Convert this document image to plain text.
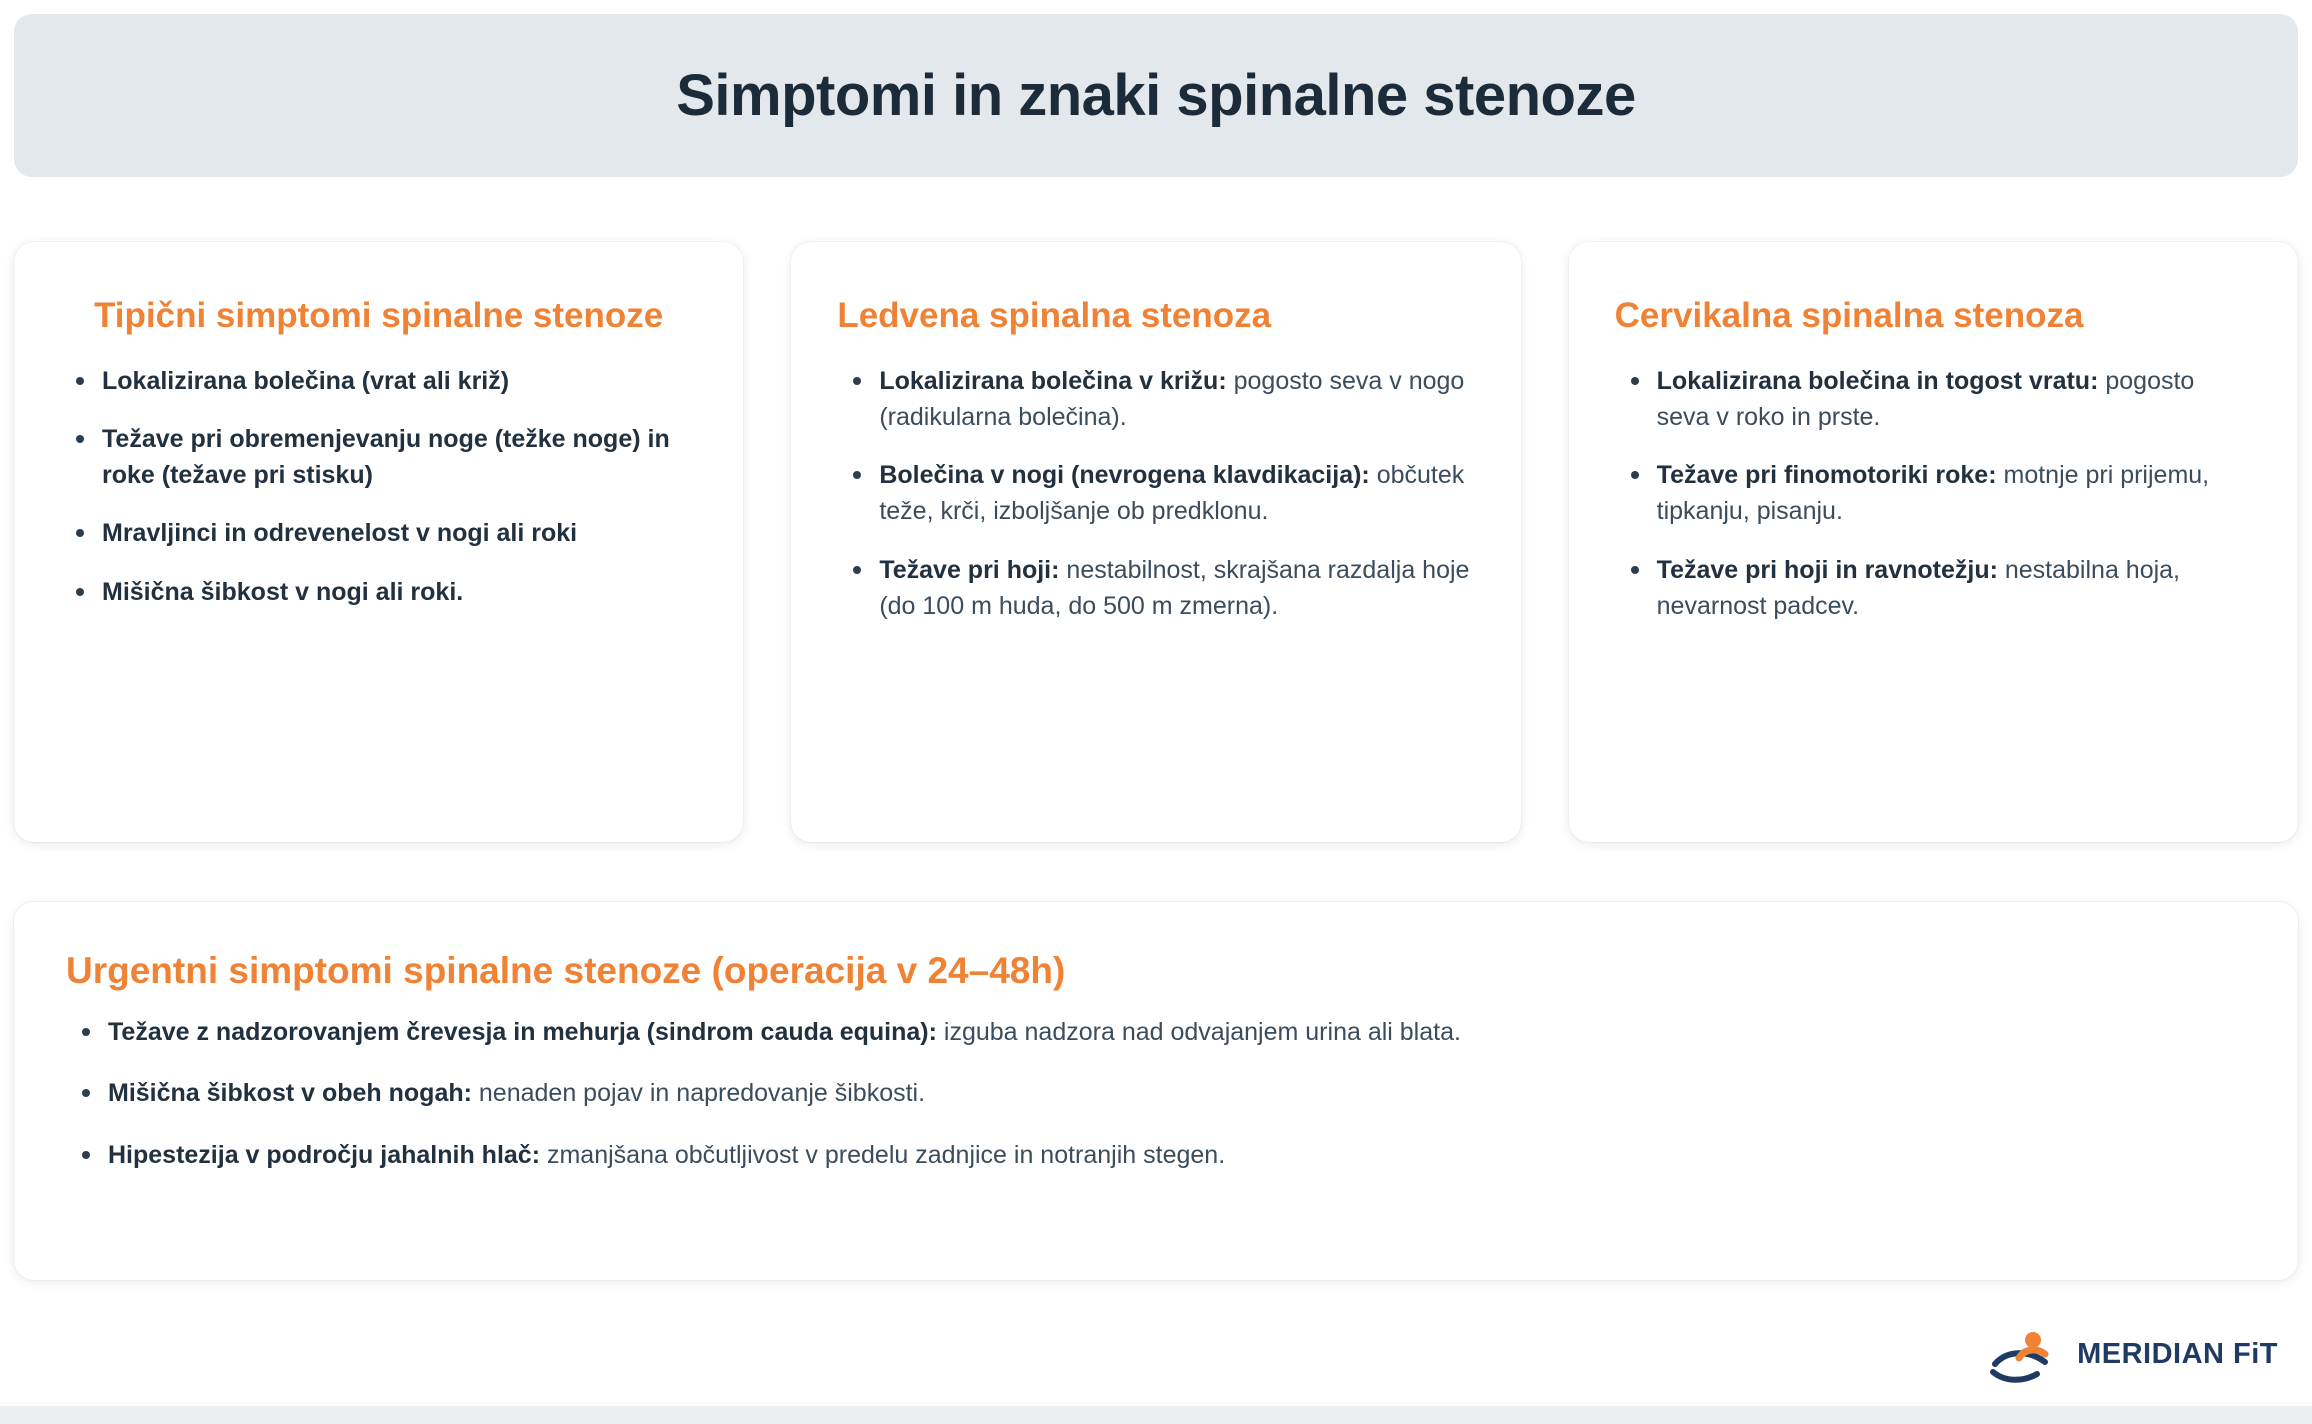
Simptomi in znaki spinalne stenoze
Tipični simptomi spinalne stenoze
Lokalizirana bolečina (vrat ali križ)
Težave pri obremenjevanju noge (težke noge) in roke (težave pri stisku)
Mravljinci in odrevenelost v nogi ali roki
Mišična šibkost v nogi ali roki.
Ledvena spinalna stenoza
Lokalizirana bolečina v križu: pogosto seva v nogo (radikularna bolečina).
Bolečina v nogi (nevrogena klavdikacija): občutek teže, krči, izboljšanje ob predklonu.
Težave pri hoji: nestabilnost, skrajšana razdalja hoje (do 100 m huda, do 500 m zmerna).
Cervikalna spinalna stenoza
Lokalizirana bolečina in togost vratu: pogosto seva v roko in prste.
Težave pri finomotoriki roke: motnje pri prijemu, tipkanju, pisanju.
Težave pri hoji in ravnotežju: nestabilna hoja, nevarnost padcev.
Urgentni simptomi spinalne stenoze (operacija v 24–48h)
Težave z nadzorovanjem črevesja in mehurja (sindrom cauda equina): izguba nadzora nad odvajanjem urina ali blata.
Mišična šibkost v obeh nogah: nenaden pojav in napredovanje šibkosti.
Hipestezija v področju jahalnih hlač: zmanjšana občutljivost v predelu zadnjice in notranjih stegen.
MERIDIAN FiT
